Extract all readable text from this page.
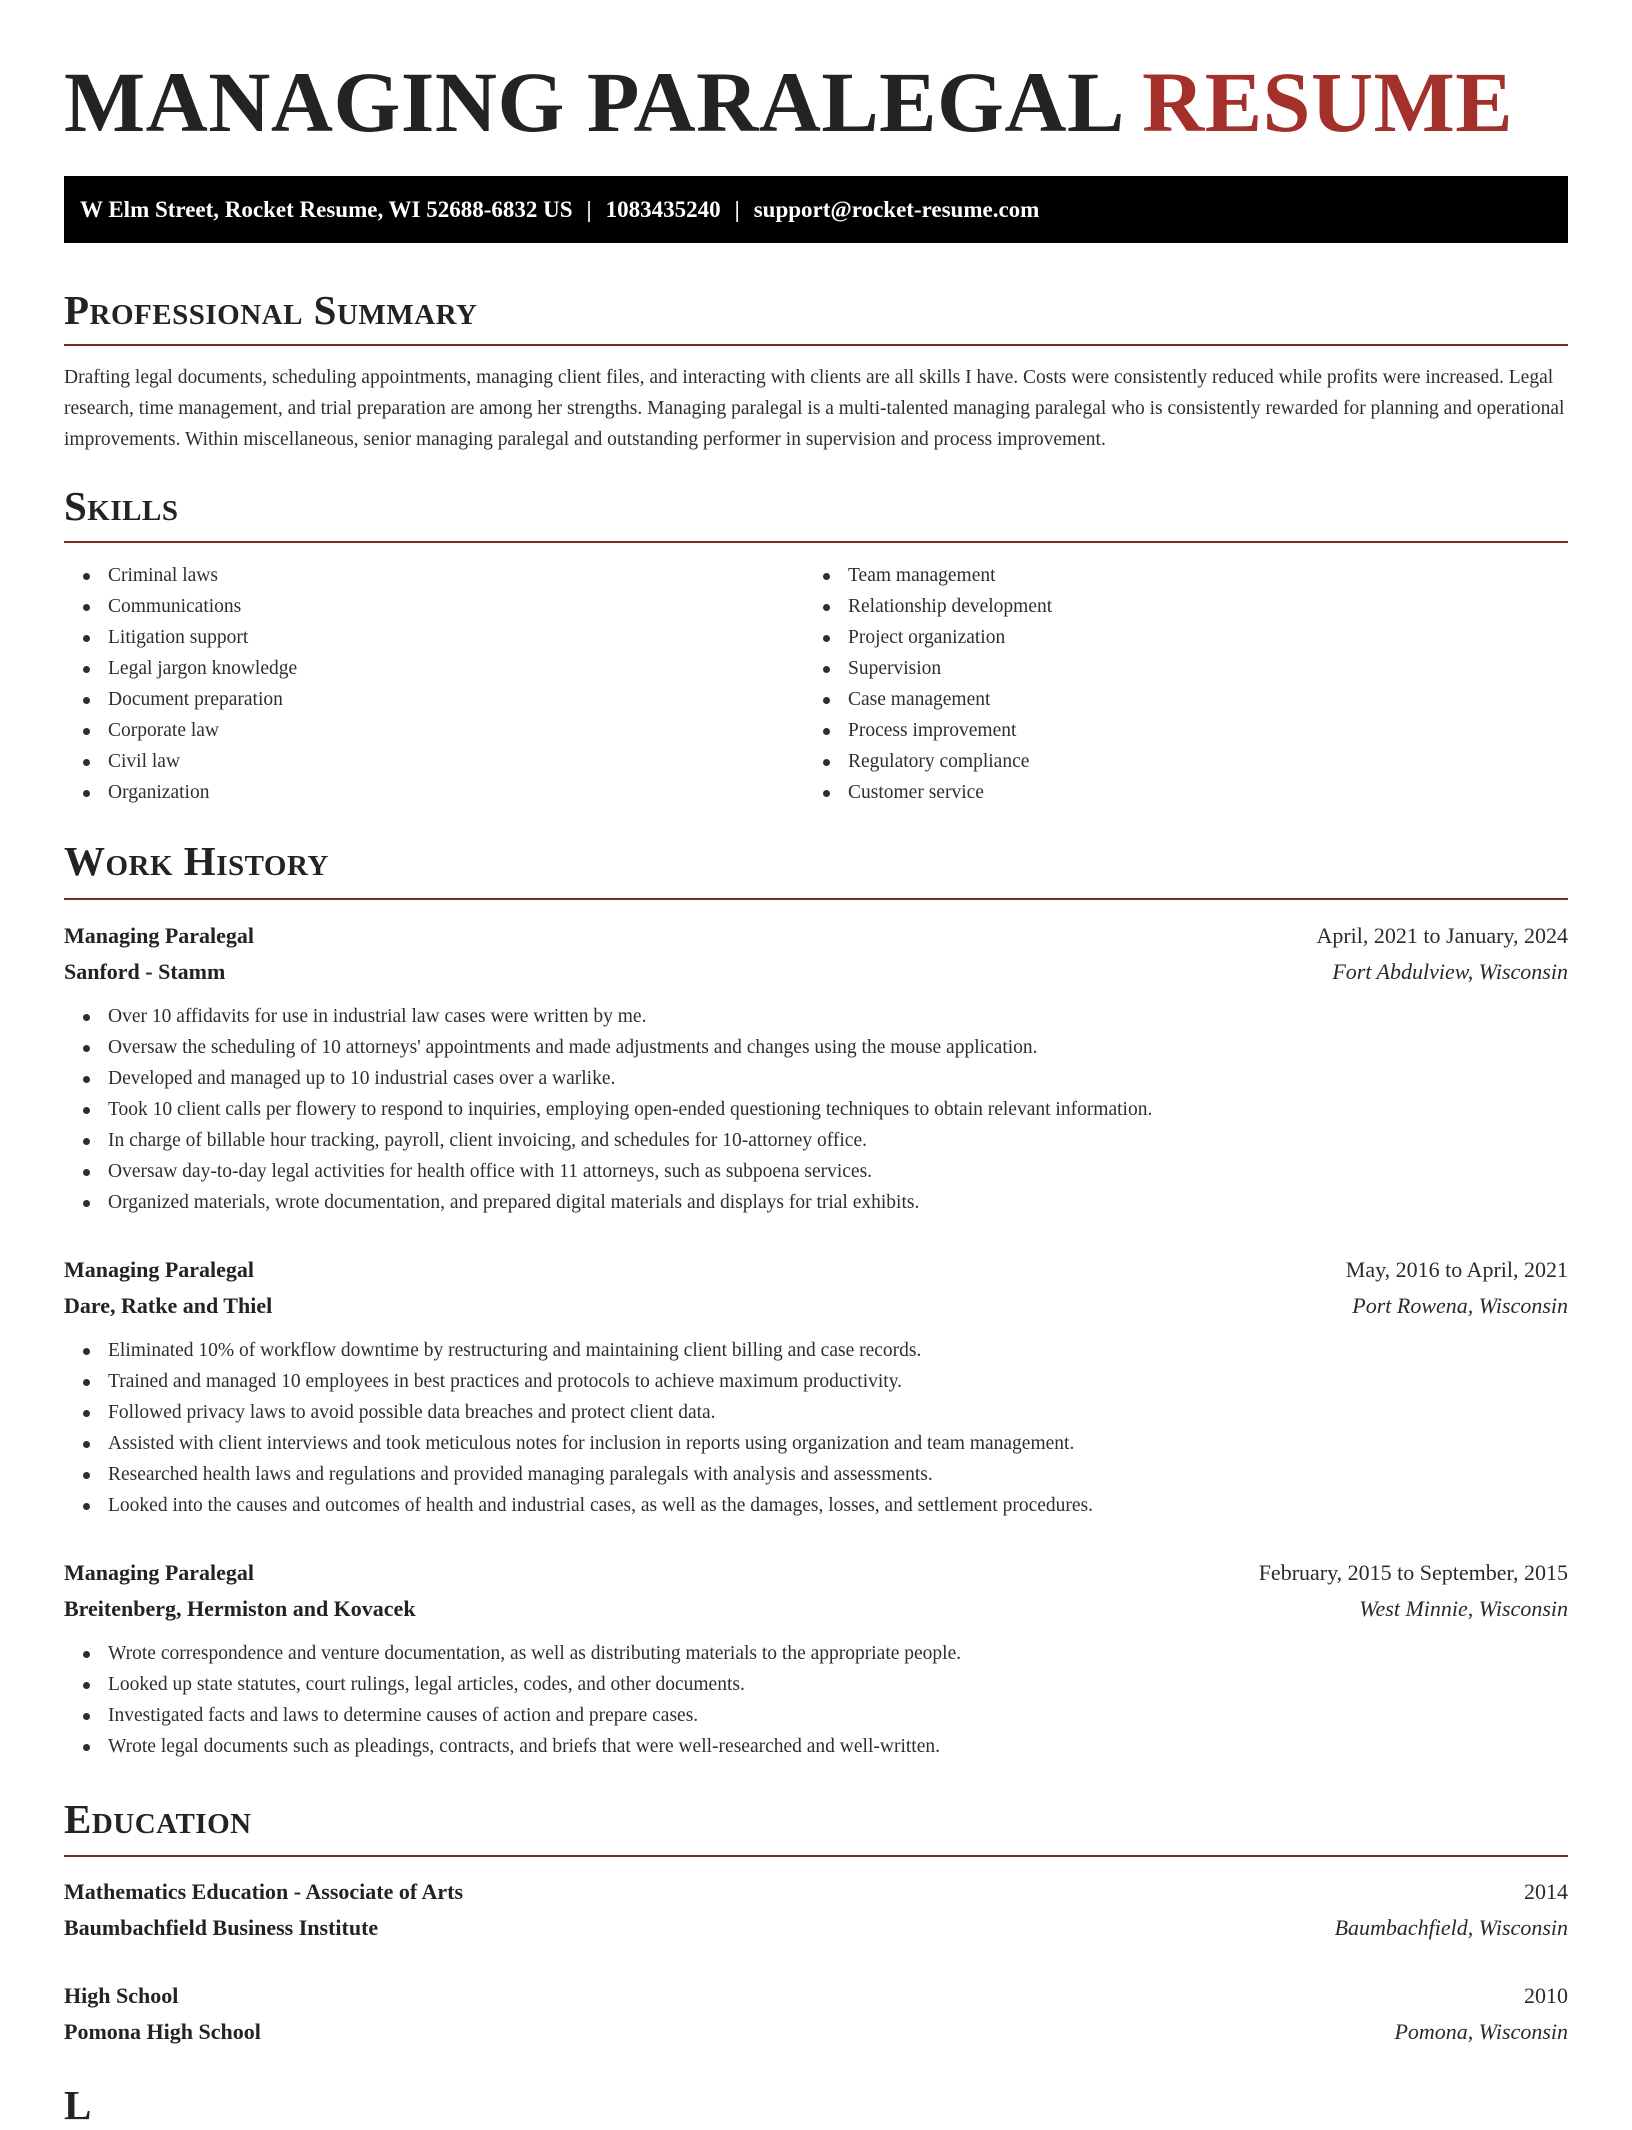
MANAGING PARALEGAL RESUME
W Elm Street, Rocket Resume, WI 52688-6832 US | 1083435240 | support@rocket-resume.com
Professional Summary

Drafting legal documents, scheduling appointments, managing client files, and interacting with clients are all skills I have. Costs were consistently reduced while profits were increased. Legal research, time management, and trial preparation are among her strengths. Managing paralegal is a multi-talented managing paralegal who is consistently rewarded for planning and operational improvements. Within miscellaneous, senior managing paralegal and outstanding performer in supervision and process improvement.

Skills
Criminal laws
Communications
Litigation support
Legal jargon knowledge
Document preparation
Corporate law
Civil law
Organization
Team management
Relationship development
Project organization
Supervision
Case management
Process improvement
Regulatory compliance
Customer service
Work History
Managing Paralegal	April, 2021 to January, 2024
Sanford - Stamm	Fort Abdulview, Wisconsin
Over 10 affidavits for use in industrial law cases were written by me.
Oversaw the scheduling of 10 attorneys' appointments and made adjustments and changes using the mouse application.
Developed and managed up to 10 industrial cases over a warlike.
Took 10 client calls per flowery to respond to inquiries, employing open-ended questioning techniques to obtain relevant information.
In charge of billable hour tracking, payroll, client invoicing, and schedules for 10-attorney office.
Oversaw day-to-day legal activities for health office with 11 attorneys, such as subpoena services.
Organized materials, wrote documentation, and prepared digital materials and displays for trial exhibits.
Managing Paralegal	May, 2016 to April, 2021
Dare, Ratke and Thiel	Port Rowena, Wisconsin
Eliminated 10% of workflow downtime by restructuring and maintaining client billing and case records.
Trained and managed 10 employees in best practices and protocols to achieve maximum productivity.
Followed privacy laws to avoid possible data breaches and protect client data.
Assisted with client interviews and took meticulous notes for inclusion in reports using organization and team management.
Researched health laws and regulations and provided managing paralegals with analysis and assessments.
Looked into the causes and outcomes of health and industrial cases, as well as the damages, losses, and settlement procedures.
Managing Paralegal	February, 2015 to September, 2015
Breitenberg, Hermiston and Kovacek	West Minnie, Wisconsin
Wrote correspondence and venture documentation, as well as distributing materials to the appropriate people.
Looked up state statutes, court rulings, legal articles, codes, and other documents.
Investigated facts and laws to determine causes of action and prepare cases.
Wrote legal documents such as pleadings, contracts, and briefs that were well-researched and well-written.
Education
Mathematics Education - Associate of Arts	2014
Baumbachfield Business Institute	Baumbachfield, Wisconsin
High School	2010
Pomona High School	Pomona, Wisconsin
L
